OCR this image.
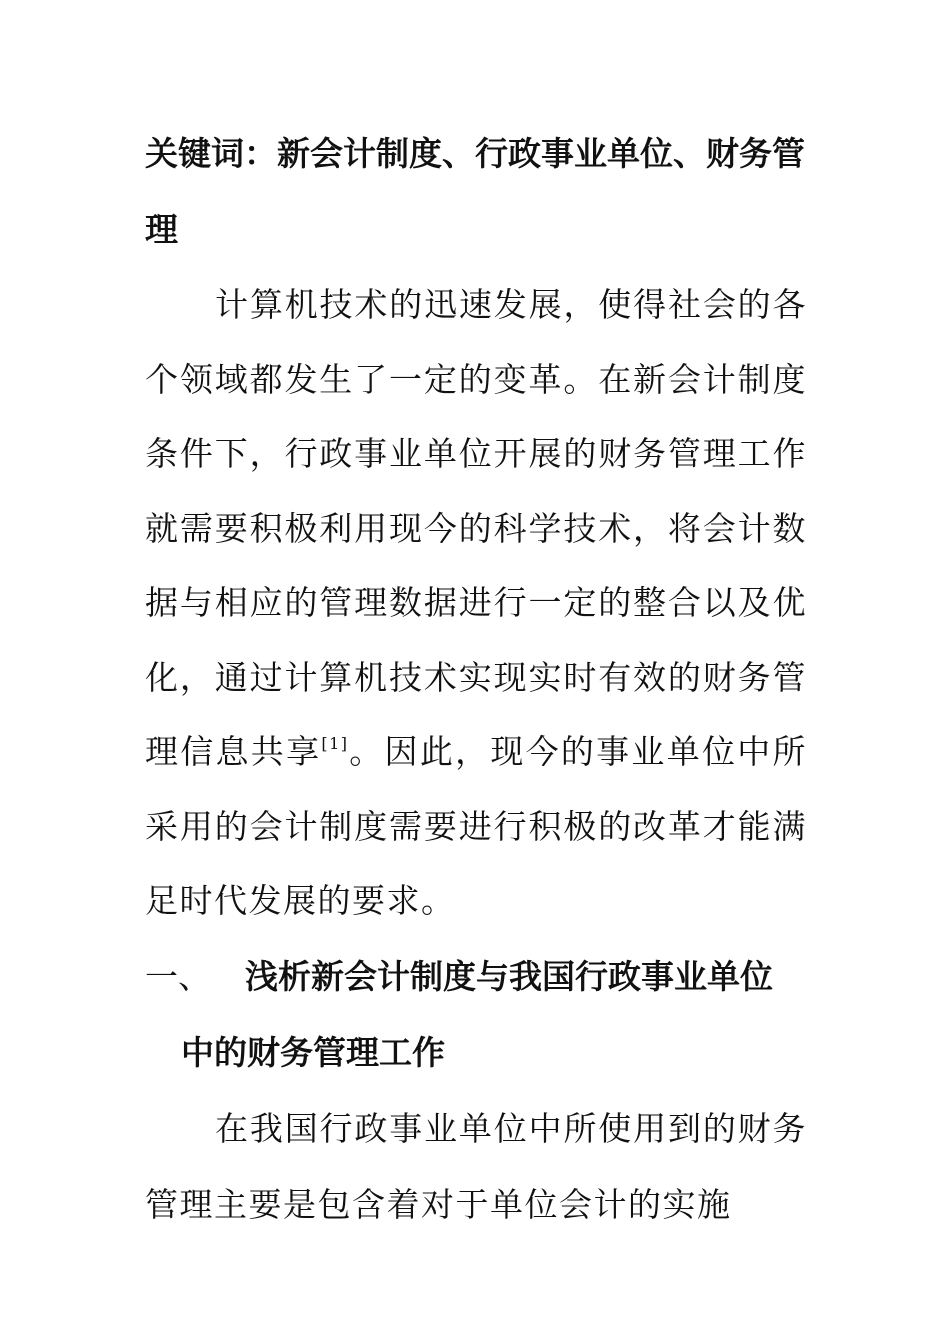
关键词：新会计制度、行政事业单位、财务管理

计算机技术的迅速发展，使得社会的各个领域都发生了一定的变革。在新会计制度条件下，行政事业单位开展的财务管理工作就需要积极利用现今的科学技术，将会计数据与相应的管理数据进行一定的整合以及优化，通过计算机技术实现实时有效的财务管理信息共享[1]。因此，现今的事业单位中所采用的会计制度需要进行积极的改革才能满足时代发展的要求。

一、 浅析新会计制度与我国行政事业单位
中的财务管理工作

在我国行政事业单位中所使用到的财务管理主要是包含着对于单位会计的实施
